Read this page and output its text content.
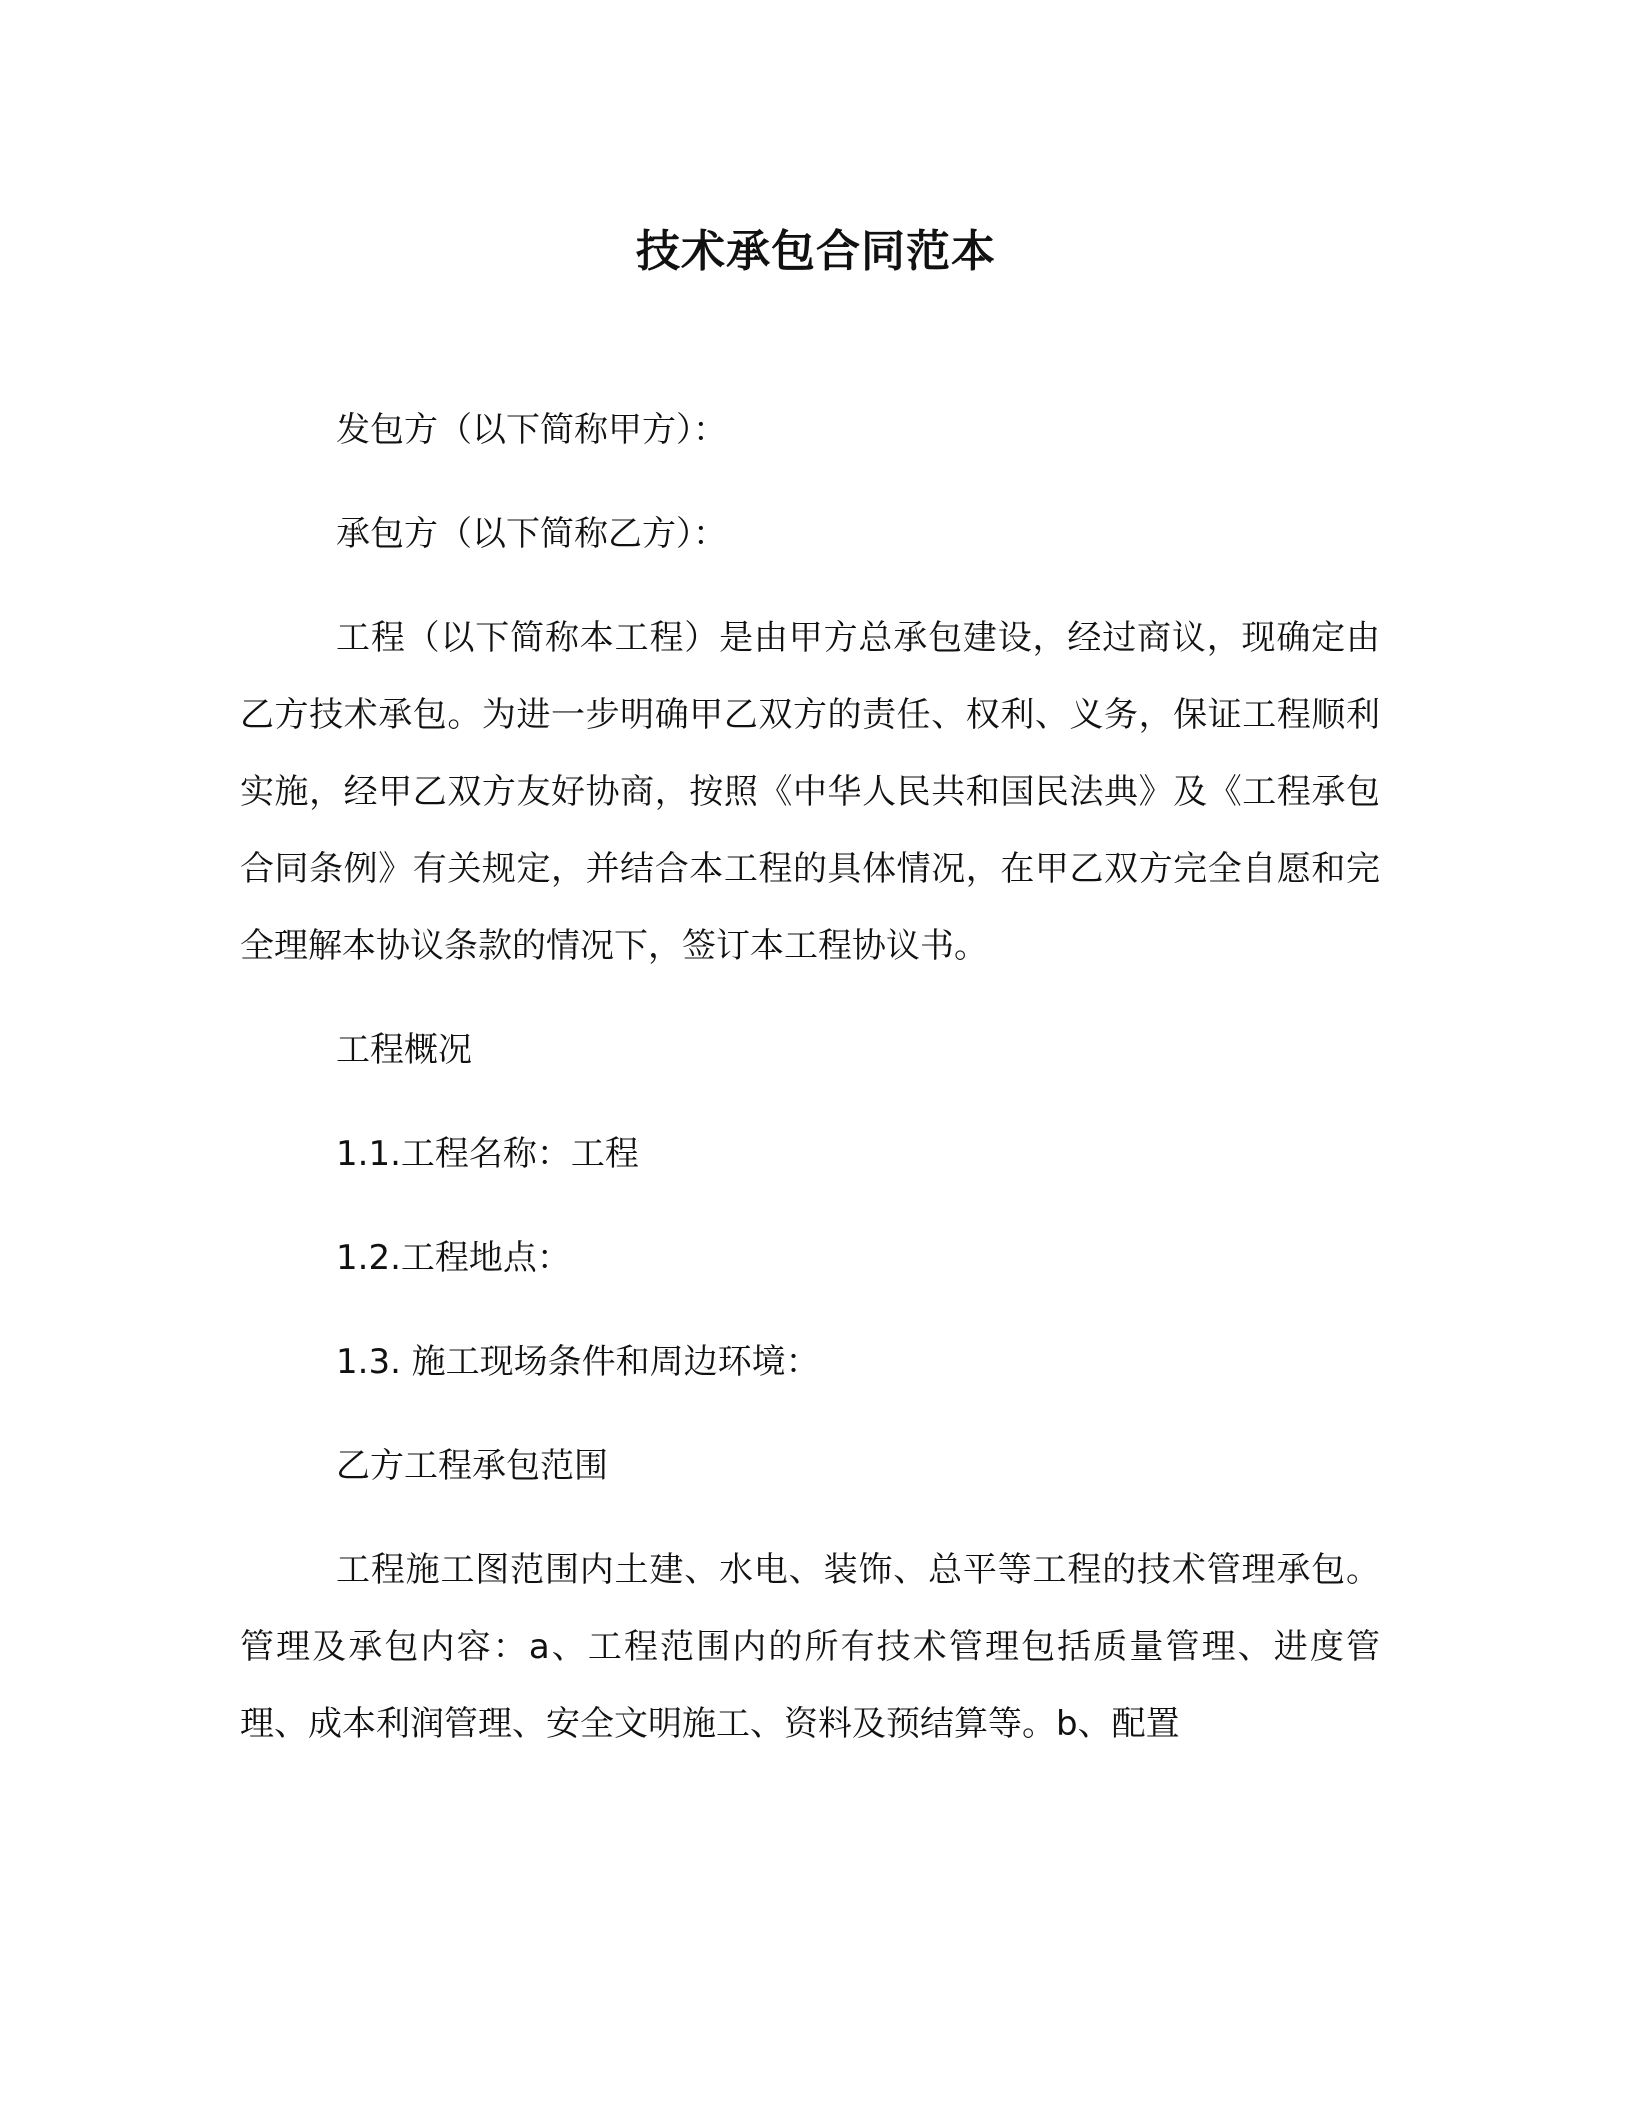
技术承包合同范本

发包方（以下简称甲方）：

承包方（以下简称乙方）：

工程（以下简称本工程）是由甲方总承包建设，经过商议，现确定由乙方技术承包。为进一步明确甲乙双方的责任、权利、义务，保证工程顺利实施，经甲乙双方友好协商，按照《中华人民共和国民法典》及《工程承包合同条例》有关规定，并结合本工程的具体情况，在甲乙双方完全自愿和完全理解本协议条款的情况下，签订本工程协议书。

工程概况

1.1.工程名称：工程

1.2.工程地点：

1.3. 施工现场条件和周边环境：

乙方工程承包范围

工程施工图范围内土建、水电、装饰、总平等工程的技术管理承包。管理及承包内容：a、工程范围内的所有技术管理包括质量管理、进度管理、成本利润管理、安全文明施工、资料及预结算等。b、配置
